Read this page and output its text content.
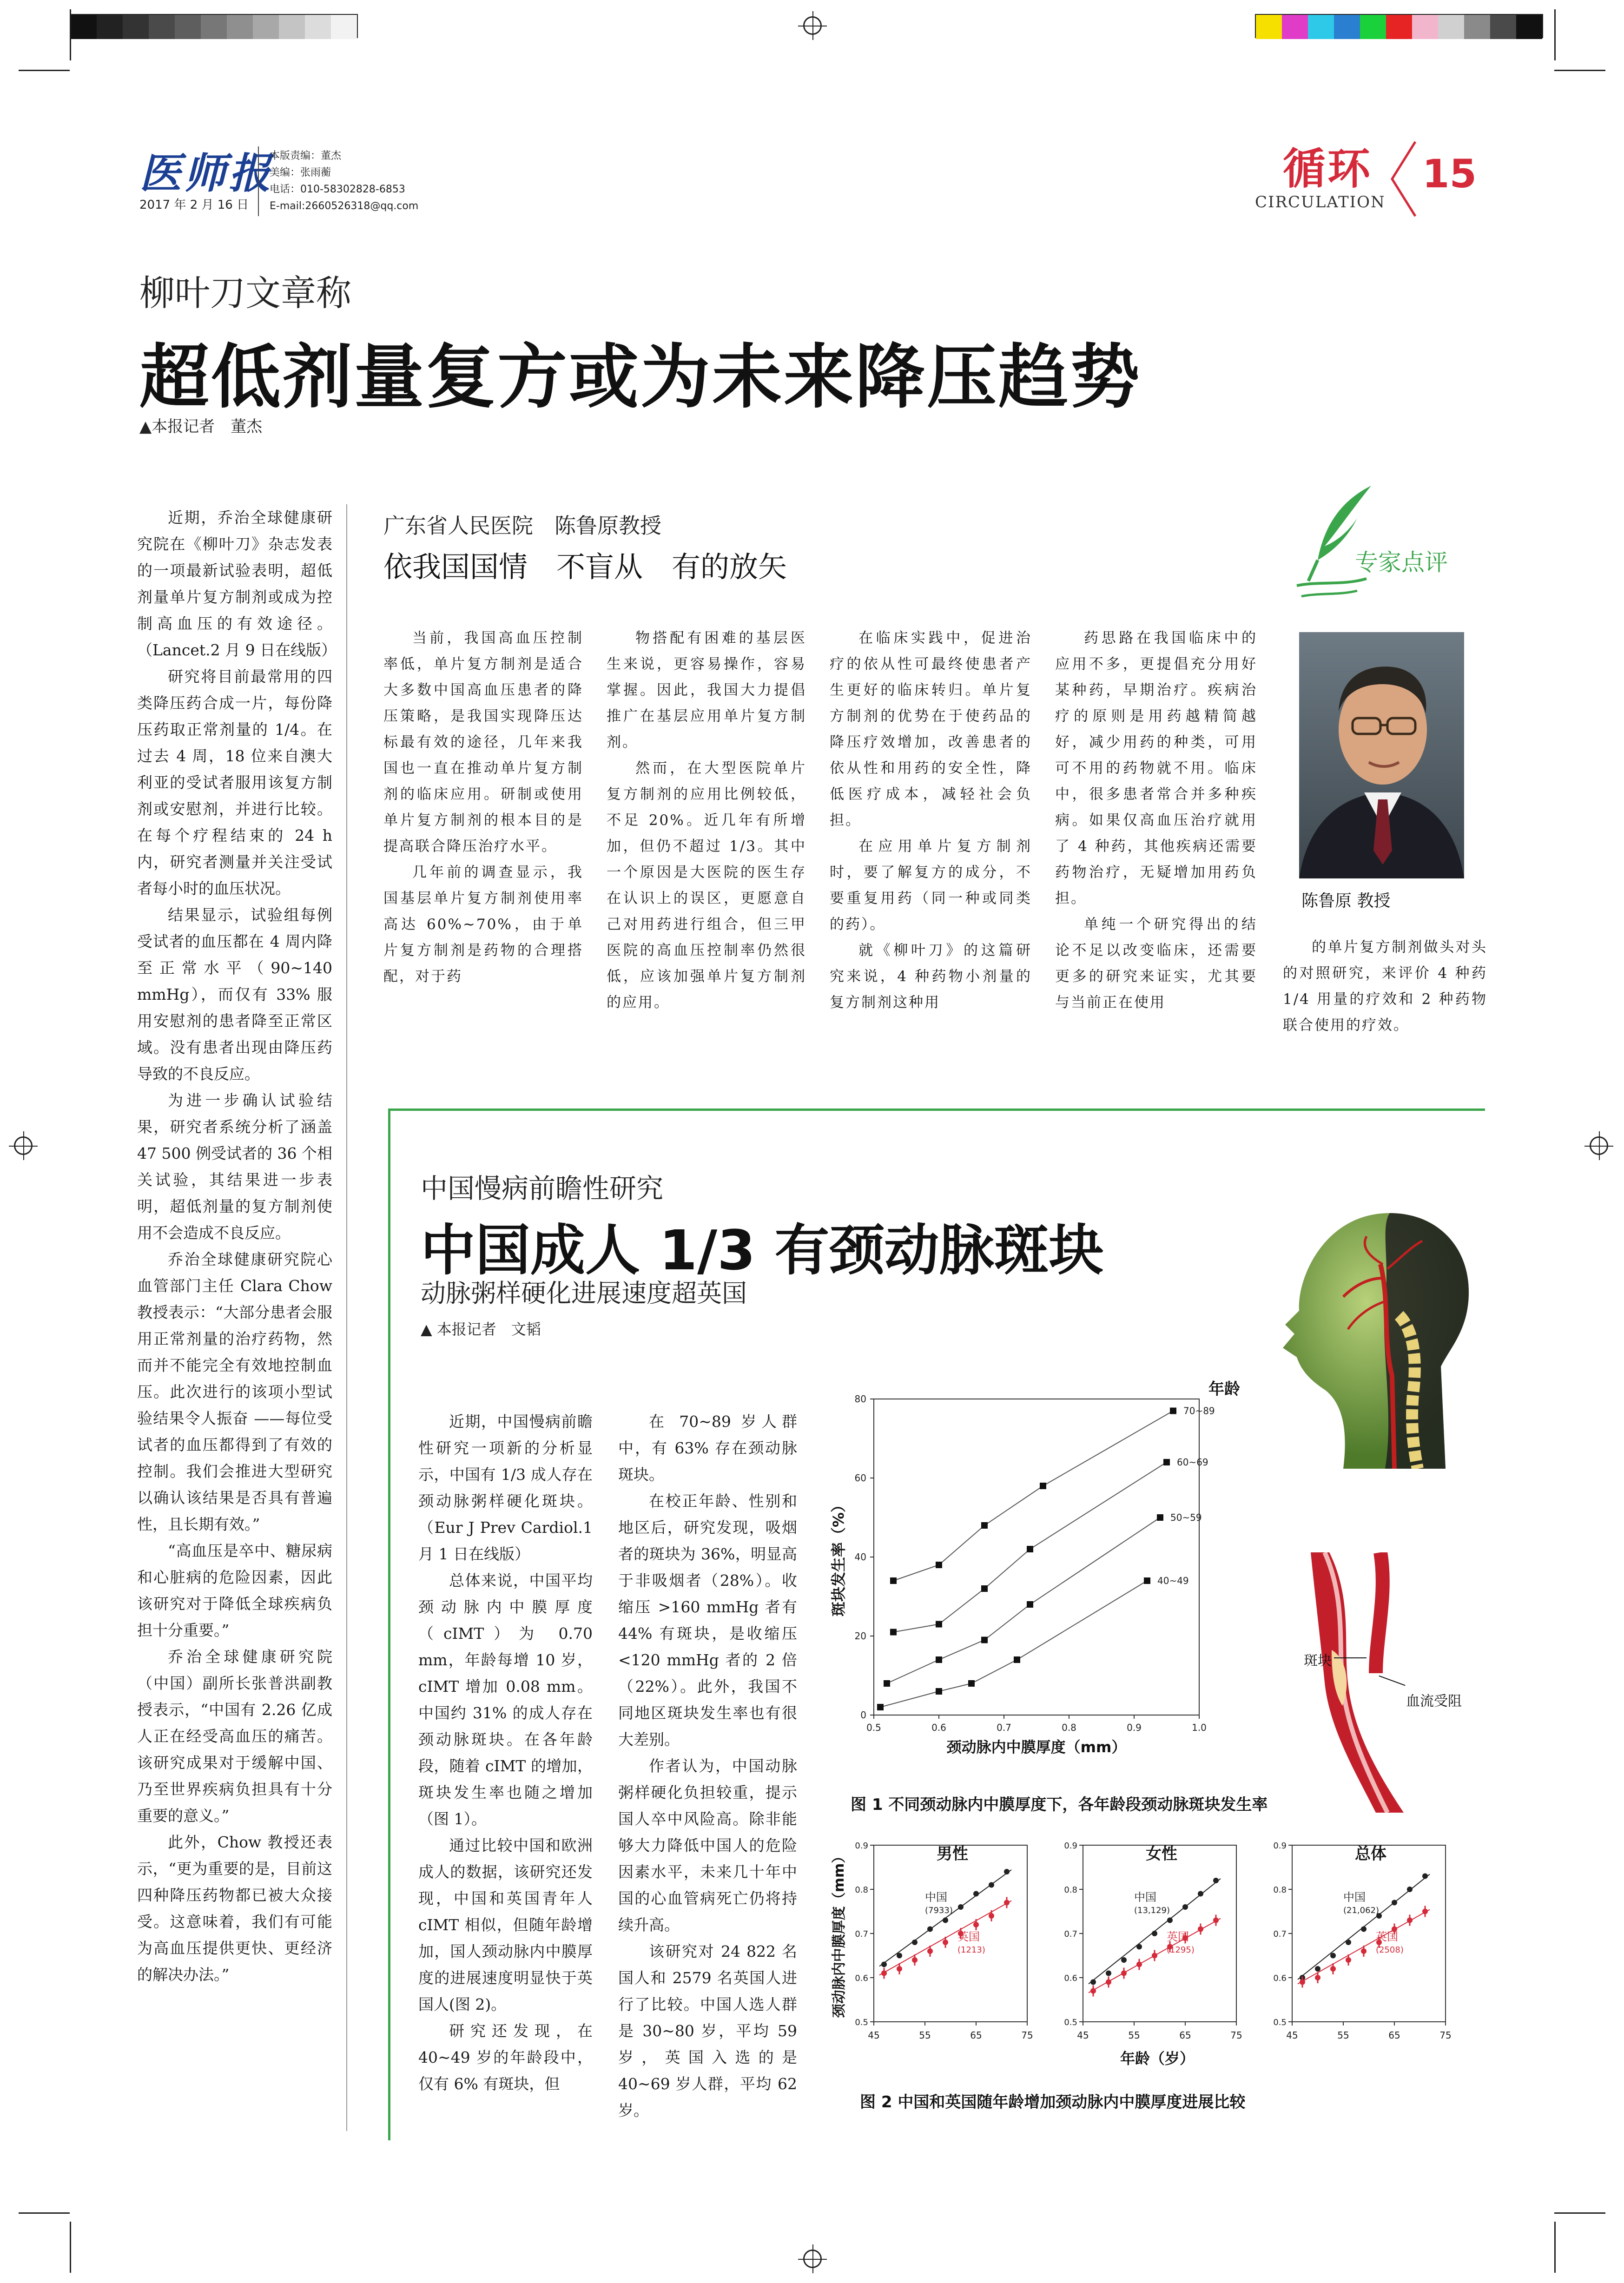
医师报
2017 年 2 月 16 日
本版责编：董杰
美编：张雨蘅
电话：010-58302828-6853
E-mail:2660526318@qq.com
循环
CIRCULATION
15
柳叶刀文章称
超低剂量复方或为未来降压趋势
▲本报记者　董杰

近期，乔治全球健康研究院在《柳叶刀》杂志发表的一项最新试验表明，超低剂量单片复方制剂或成为控制高血压的有效途径。（Lancet.2 月 9 日在线版）

研究将目前最常用的四类降压药合成一片，每份降压药取正常剂量的 1/4。在过去 4 周，18 位来自澳大利亚的受试者服用该复方制剂或安慰剂，并进行比较。在每个疗程结束的 24 h 内，研究者测量并关注受试者每小时的血压状况。

结果显示，试验组每例受试者的血压都在 4 周内降至正常水平（90~140 mmHg），而仅有 33% 服用安慰剂的患者降至正常区域。没有患者出现由降压药导致的不良反应。

为进一步确认试验结果，研究者系统分析了涵盖 47 500 例受试者的 36 个相关试验，其结果进一步表明，超低剂量的复方制剂使用不会造成不良反应。

乔治全球健康研究院心血管部门主任 Clara Chow 教授表示：“大部分患者会服用正常剂量的治疗药物，然而并不能完全有效地控制血压。此次进行的该项小型试验结果令人振奋 ——每位受试者的血压都得到了有效的控制。我们会推进大型研究以确认该结果是否具有普遍性，且长期有效。”

“高血压是卒中、糖尿病和心脏病的危险因素，因此该研究对于降低全球疾病负担十分重要。”

乔治全球健康研究院（中国）副所长张普洪副教授表示，“中国有 2.26 亿成人正在经受高血压的痛苦。该研究成果对于缓解中国、乃至世界疾病负担具有十分重要的意义。”

此外，Chow 教授还表示，“更为重要的是，目前这四种降压药物都已被大众接受。这意味着，我们有可能为高血压提供更快、更经济的解决办法。”

广东省人民医院　陈鲁原教授
依我国国情　不盲从　有的放矢	专家点评

当前，我国高血压控制率低，单片复方制剂是适合大多数中国高血压患者的降压策略，是我国实现降压达标最有效的途径，几年来我国也一直在推动单片复方制剂的临床应用。研制或使用单片复方制剂的根本目的是提高联合降压治疗水平。

几年前的调查显示，我国基层单片复方制剂使用率高达 60%~70%，由于单片复方制剂是药物的合理搭配，对于药

物搭配有困难的基层医生来说，更容易操作，容易掌握。因此，我国大力提倡推广在基层应用单片复方制剂。

然而，在大型医院单片复方制剂的应用比例较低，不足 20%。近几年有所增加，但仍不超过 1/3。其中一个原因是大医院的医生存在认识上的误区，更愿意自己对用药进行组合，但三甲医院的高血压控制率仍然很低，应该加强单片复方制剂的应用。

在临床实践中，促进治疗的依从性可最终使患者产生更好的临床转归。单片复方制剂的优势在于使药品的降压疗效增加，改善患者的依从性和用药的安全性，降低医疗成本，减轻社会负担。

在应用单片复方制剂时，要了解复方的成分，不要重复用药（同一种或同类的药）。

就《柳叶刀》的这篇研究来说，4 种药物小剂量的复方制剂这种用

药思路在我国临床中的应用不多，更提倡充分用好某种药，早期治疗。疾病治疗的原则是用药越精简越好，减少用药的种类，可用可不用的药物就不用。临床中，很多患者常合并多种疾病。如果仅高血压治疗就用了 4 种药，其他疾病还需要药物治疗，无疑增加用药负担。

单纯一个研究得出的结论不足以改变临床，还需要更多的研究来证实，尤其要与当前正在使用

的单片复方制剂做头对头的对照研究，来评价 4 种药 1/4 用量的疗效和 2 种药物联合使用的疗效。

陈鲁原 教授
中国慢病前瞻性研究
中国成人 1/3 有颈动脉斑块
动脉粥样硬化进展速度超英国
▲ 本报记者　文韬

近期，中国慢病前瞻性研究一项新的分析显示，中国有 1/3 成人存在颈动脉粥样硬化斑块。（Eur J Prev Cardiol.1 月 1 日在线版）

总体来说，中国平均颈动脉内中膜厚度（cIMT）为 0.70 mm，年龄每增 10 岁，cIMT 增加 0.08 mm。中国约 31% 的成人存在颈动脉斑块。在各年龄段，随着 cIMT 的增加，斑块发生率也随之增加（图 1）。

通过比较中国和欧洲成人的数据，该研究还发现，中国和英国青年人 cIMT 相似，但随年龄增加，国人颈动脉内中膜厚度的进展速度明显快于英国人(图 2)。

研究还发现，在 40~49 岁的年龄段中，仅有 6% 有斑块，但

在 70~89 岁人群中，有 63% 存在颈动脉斑块。

在校正年龄、性别和地区后，研究发现，吸烟者的斑块为 36%，明显高于非吸烟者（28%）。收缩压 >160 mmHg 者有 44% 有斑块，是收缩压 <120 mmHg 者的 2 倍（22%）。此外，我国不同地区斑块发生率也有很大差别。

作者认为，中国动脉粥样硬化负担较重，提示国人卒中风险高。除非能够大力降低中国人的危险因素水平，未来几十年中国的心血管病死亡仍将持续升高。

该研究对 24 822 名国人和 2579 名英国人进行了比较。中国人选人群是 30~80 岁，平均 59 岁，英国入选的是 40~69 岁人群，平均 62 岁。

斑块
血流受阻
0.5	0.6	0.7	0.8	0.9	1.0
0
20
40
60
80
颈动脉内中膜厚度（mm）
斑块发生率（%）
年龄
70~89
60~69
50~59
40~49
图 1 不同颈动脉内中膜厚度下，各年龄段颈动脉斑块发生率
男性
45	55	65	75
0.5
0.6
0.7
0.8
0.9
中国
(7933)
英国
(1213)
女性
45	55	65	75
0.5
0.6
0.7
0.8
0.9
中国
(13,129)
英国
(1295)
总体
45	55	65	75
0.5
0.6
0.7
0.8
0.9
中国
(21,062)
英国
(2508)
颈动脉内中膜厚度（mm）
年龄（岁）
图 2 中国和英国随年龄增加颈动脉内中膜厚度进展比较
